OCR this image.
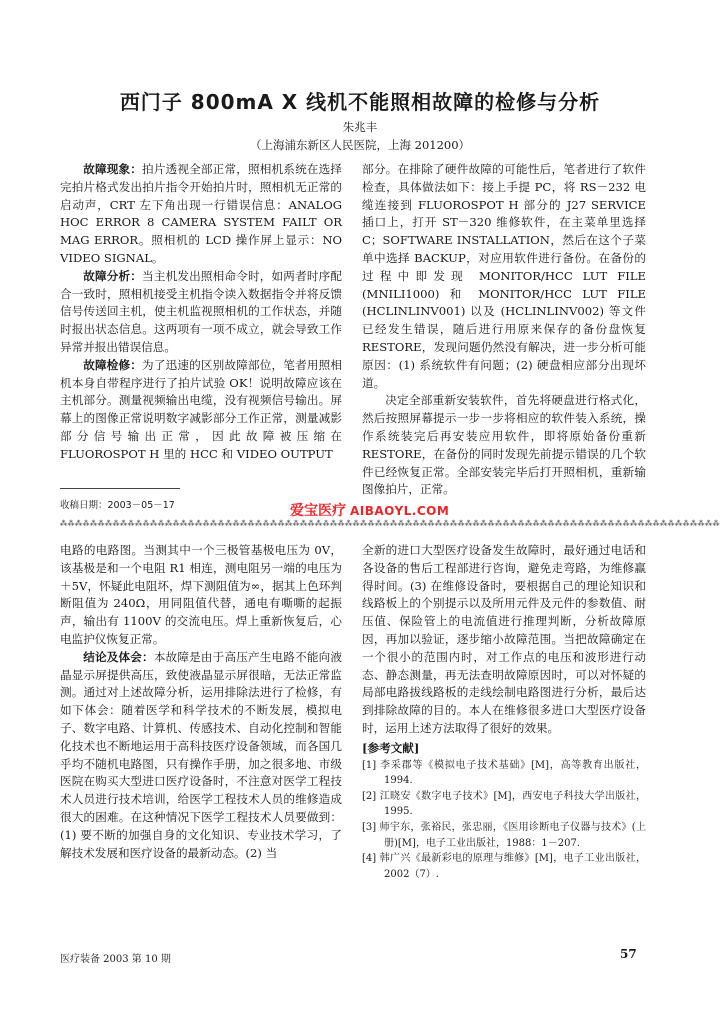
西门子 800mA X 线机不能照相故障的检修与分析
朱兆丰
（上海浦东新区人民医院，上海 201200）

故障现象：拍片透视全部正常，照相机系统在选择完拍片格式发出拍片指令开始拍片时，照相机无正常的启动声，CRT 左下角出现一行错误信息：ANALOG HOC ERROR 8 CAMERA SYSTEM FAILT OR MAG ERROR。照相机的 LCD 操作屏上显示：NO VIDEO SIGNAL。

故障分析：当主机发出照相命令时，如两者时序配合一致时，照相机接受主机指令读入数据指令并将反馈信号传送回主机，使主机监视照相机的工作状态，并随时报出状态信息。这两项有一项不成立，就会导致工作异常并报出错误信息。

故障检修：为了迅速的区别故障部位，笔者用照相机本身自带程序进行了拍片试验 OK！说明故障应该在主机部分。测量视频输出电缆，没有视频信号输出。屏幕上的图像正常说明数字减影部分工作正常，测量减影部分信号输出正常，因此故障被压缩在 FLUOROSPOT H 里的 HCC 和 VIDEO OUTPUT

收稿日期：2003－05－17

部分。在排除了硬件故障的可能性后，笔者进行了软件检查，具体做法如下：接上手提 PC，将 RS－232 电缆连接到 FLUOROSPOT H 部分的 J27 SERVICE 插口上，打开 ST－320 维修软件，在主菜单里选择 C；SOFTWARE INSTALLATION，然后在这个子菜单中选择 BACKUP，对应用软件进行备份。在备份的过程中即发现 MONITOR/HCC LUT FILE (MNILI1000) 和 MONITOR/HCC LUT FILE (HCLINLINV001) 以及 (HCLINLINV002) 等文件已经发生错误，随后进行用原来保存的备份盘恢复 RESTORE，发现问题仍然没有解决，进一步分析可能原因：(1) 系统软件有问题；(2) 硬盘相应部分出现坏道。

决定全部重新安装软件，首先将硬盘进行格式化，然后按照屏幕提示一步一步将相应的软件装入系统，操作系统装完后再安装应用软件，即将原始备份重新 RESTORE，在备份的同时发现先前提示错误的几个软件已经恢复正常。全部安装完毕后打开照相机，重新输图像拍片，正常。

爱宝医疗 AIBAOYL.COM
⁂⁂⁂⁂⁂⁂⁂⁂⁂⁂⁂⁂⁂⁂⁂⁂⁂⁂⁂⁂⁂⁂⁂⁂⁂⁂⁂⁂⁂⁂⁂⁂⁂⁂⁂⁂⁂⁂⁂⁂⁂⁂⁂⁂⁂⁂⁂⁂⁂⁂⁂⁂⁂⁂⁂⁂⁂⁂⁂⁂⁂⁂⁂⁂⁂⁂⁂⁂⁂⁂⁂⁂⁂⁂⁂⁂⁂⁂⁂⁂⁂⁂⁂⁂⁂⁂⁂⁂

电路的电路图。当测其中一个三极管基极电压为 0V，该基极是和一个电阻 R1 相连，测电阻另一端的电压为＋5V，怀疑此电阻坏，焊下测阻值为∞，据其上色环判断阻值为 240Ω，用同阻值代替，通电有嘶嘶的起振声，输出有 1100V 的交流电压。焊上重新恢复后，心电监护仪恢复正常。

结论及体会：本故障是由于高压产生电路不能向液晶显示屏提供高压，致使液晶显示屏很暗，无法正常监测。通过对上述故障分析，运用排除法进行了检修，有如下体会：随着医学和科学技术的不断发展，模拟电子、数字电路、计算机、传感技术、自动化控制和智能化技术也不断地运用于高科技医疗设备领域，而各国几乎均不随机电路图，只有操作手册，加之很多地、市级医院在购买大型进口医疗设备时，不注意对医学工程技术人员进行技术培训，给医学工程技术人员的维修造成很大的困难。在这种情况下医学工程技术人员要做到：(1) 要不断的加强自身的文化知识、专业技术学习，了解技术发展和医疗设备的最新动态。(2) 当

全新的进口大型医疗设备发生故障时，最好通过电话和各设备的售后工程部进行咨询，避免走弯路，为维修赢得时间。(3) 在维修设备时，要根据自己的理论知识和线路板上的个别提示以及所用元件及元件的参数值、耐压值、保险管上的电流值进行推理判断，分析故障原因，再加以验证，逐步缩小故障范围。当把故障确定在一个很小的范围内时，对工作点的电压和波形进行动态、静态测量，再无法查明故障原因时，可以对怀疑的局部电路拔线路板的走线绘制电路图进行分析，最后达到排除故障的目的。本人在维修很多进口大型医疗设备时，运用上述方法取得了很好的效果。

[参考文献]
[1] 李采郡等《模拟电子技术基础》[M]，高等教育出版社，1994.
[2] 江晓安《数字电子技术》[M]，西安电子科技大学出版社，1995.
[3] 师宇东，张裕民，张忠丽，《医用诊断电子仪器与技术》(上册)[M]，电子工业出版社，1988：1－207.
[4] 韩广兴《最新彩电的原理与维修》[M]，电子工业出版社，2002（7）.
医疗装备 2003 第 10 期	57
